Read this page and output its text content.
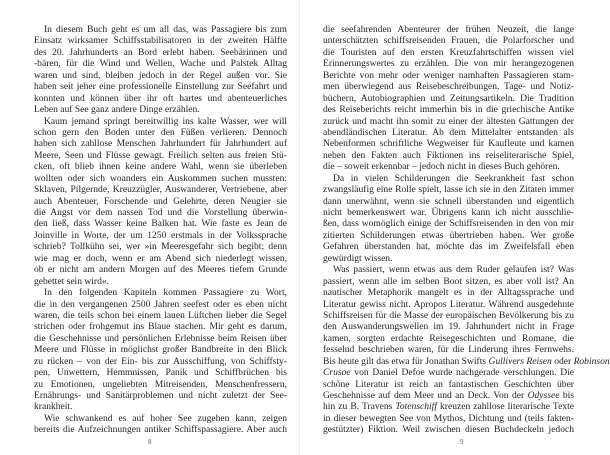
In diesem Buch geht es um all das, was Passagiere bis zum
Einsatz wirksamer Schiffsstabilisatoren in der zweiten Hälfte
des 20. Jahrhunderts an Bord erlebt haben. Seebärinnen und
-bären, für die Wind und Wellen, Wache und Palstek Alltag
waren und sind, bleiben jedoch in der Regel außen vor. Sie
haben seit jeher eine professionelle Einstellung zur Seefahrt und
konnten und können über ihr oft hartes und abenteuerliches
Leben auf See ganz andere Dinge erzählen.
Kaum jemand springt bereitwillig ins kalte Wasser, wer will
schon gern den Boden unter den Füßen verlieren. Dennoch
haben sich zahllose Menschen Jahrhundert für Jahrhundert auf
Meere, Seen und Flüsse gewagt. Freilich selten aus freien Stü-
cken, oft blieb ihnen keine andere Wahl, wenn sie überleben
wollten oder sich woanders ein Auskommen suchen mussten:
Sklaven, Pilgernde, Kreuzzügler, Auswanderer, Vertriebene, aber
auch Abenteuer, Forschende und Gelehrte, deren Neugier sie
die Angst vor dem nassen Tod und die Vorstellung überwin-
den ließ, dass Wasser keine Balken hat. Wie faste es Jean de
Joinville in Worte, der um 1250 erstmals in der Volkssprache
schrieb? Tollkühn sei, wer »in Meeresgefahr sich begibt; denn
wie mag er doch, wenn er am Abend sich niederlegt wissen,
ob er nicht am andern Morgen auf des Meeres tiefem Grunde
gebettet sein wird«.
In den folgenden Kapiteln kommen Passagiere zu Wort,
die in den vergangenen 2500 Jahren seefest oder es eben nicht
waren, die teils schon bei einem lauen Lüftchen lieber die Segel
strichen oder frohgemut ins Blaue stachen. Mir geht es darum,
die Geschehnisse und persönlichen Erlebnisse beim Reisen über
Meere und Flüsse in möglichst großer Bandbreite in den Blick
zu rücken – von der Ein- bis zur Ausschiffung, von Schiffsty-
pen, Unwettern, Hemmnissen, Panik und Schiffbrüchen bis
zu Emotionen, ungeliebten Mitreisenden, Menschenfressern,
Ernährungs- und Sanitärproblemen und nicht zuletzt der See-
krankheit.
Wie schwankend es auf hoher See zugehen kann, zeigen
bereits die Aufzeichnungen antiker Schiffspassagiere. Aber auch
8
die seefahrenden Abenteurer der frühen Neuzeit, die lange
unterschätzten schiffsreisenden Frauen, die Polarforscher und
die Touristen auf den ersten Kreuzfahrtschiffen wissen viel
Erinnerungswertes zu erzählen. Die von mir herangezogenen
Berichte von mehr oder weniger namhaften Passagieren stam-
men überwiegend aus Reisebeschreibungen, Tage- und Notiz-
büchern, Autobiographien und Zeitungsartikeln. Die Tradition
des Reiseberichts reicht immerhin bis in die griechische Antike
zurück und macht ihn somit zu einer der ältesten Gattungen der
abendländischen Literatur. Ab dem Mittelalter entstanden als
Nebenformen schriftliche Wegweiser für Kaufleute und kamen
neben den Fakten auch Fiktionen ins reiseliterarische Spiel,
die – soweit erkennbar – jedoch nicht in dieses Buch gehören.
Da in vielen Schilderungen die Seekrankheit fast schon
zwangsläufig eine Rolle spielt, lasse ich sie in den Zitaten immer
dann unerwähnt, wenn sie schnell überstanden und eigentlich
nicht bemerkenswert war. Übrigens kann ich nicht ausschlie-
ßen, dass womöglich einige der Schiffsreisenden in den von mir
zitierten Schilderungen etwas übertrieben haben. Wer große
Gefahren überstanden hat, möchte das im Zweifelsfall eben
gewürdigt wissen.
Was passiert, wenn etwas aus dem Ruder gelaufen ist? Was
passiert, wenn alle im selben Boot sitzen, es aber voll ist? An
nautischer Metaphorik mangelt es in der Alltagssprache und
Literatur gewiss nicht. Apropos Literatur. Während ausgedehnte
Schiffsreisen für die Masse der europäischen Bevölkerung bis zu
den Auswanderungswellen im 19. Jahrhundert nicht in Frage
kamen, sorgten erdachte Reisegeschichten und Romane, die
fesselnd beschrieben waren, für die Linderung ihres Fernwehs.
Bis heute gilt das etwa für Jonathan Swifts Gullivers Reisen oder Robinson
Crusoe von Daniel Defoe wurde nachgerade verschlungen. Die
schöne Literatur ist reich an fantastischen Geschichten über
Geschehnisse auf dem Meer und an Deck. Von der Odyssee bis
hin zu B. Travens Totenschiff kreuzen zahllose literarische Texte
in dieser bewegten See von Mythos, Dichtung und (teils fakten-
gestützter) Fiktion. Weil zwischen diesen Buchdeckeln jedoch
9
